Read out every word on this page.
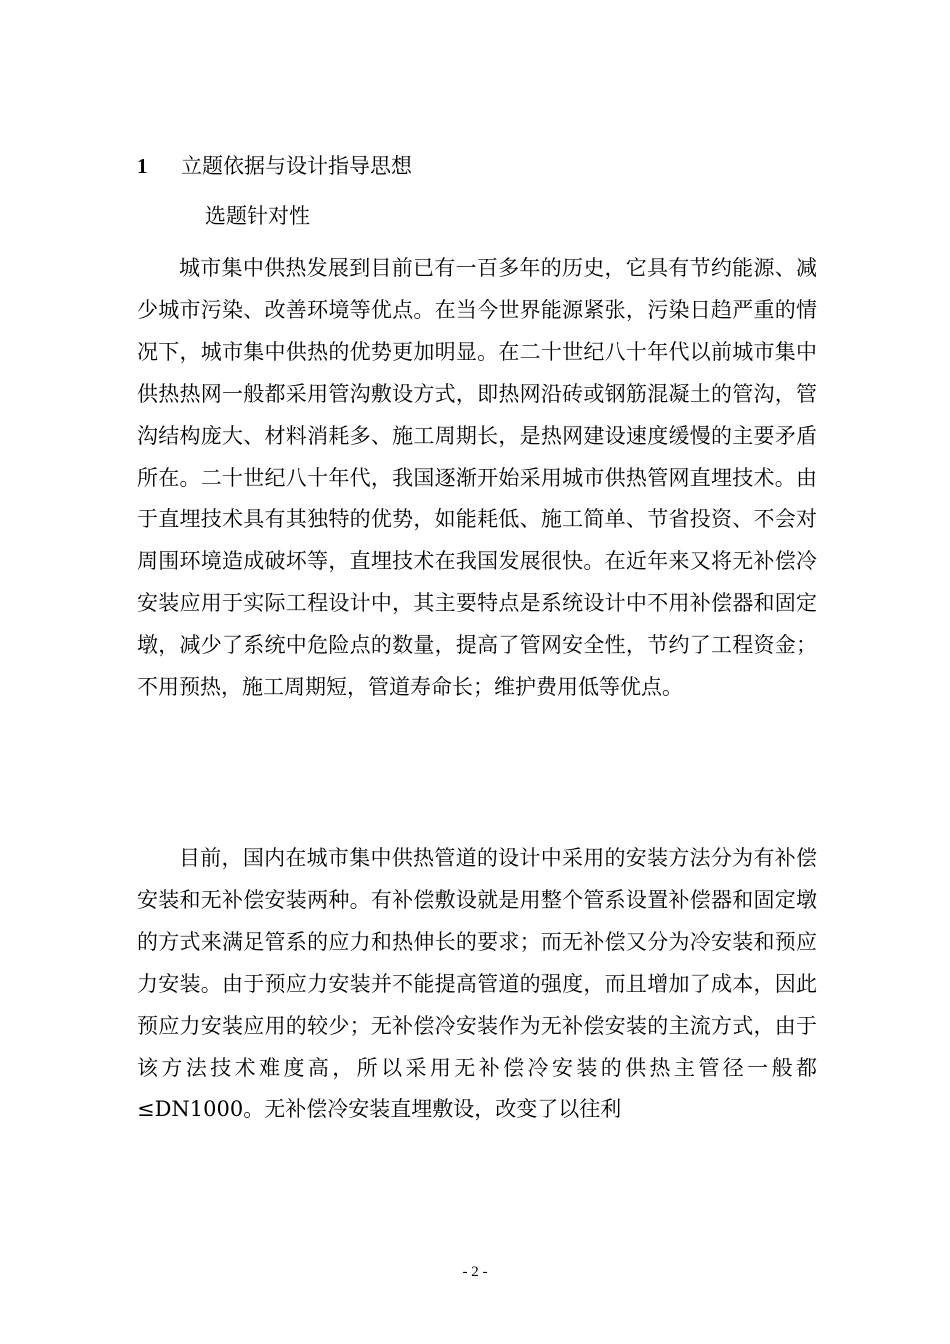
1 立题依据与设计指导思想
选题针对性

城市集中供热发展到目前已有一百多年的历史，它具有节约能源、减少城市污染、改善环境等优点。在当今世界能源紧张，污染日趋严重的情况下，城市集中供热的优势更加明显。在二十世纪八十年代以前城市集中供热热网一般都采用管沟敷设方式，即热网沿砖或钢筋混凝土的管沟，管沟结构庞大、材料消耗多、施工周期长，是热网建设速度缓慢的主要矛盾所在。二十世纪八十年代，我国逐渐开始采用城市供热管网直埋技术。由于直埋技术具有其独特的优势，如能耗低、施工简单、节省投资、不会对周围环境造成破坏等，直埋技术在我国发展很快。在近年来又将无补偿冷安装应用于实际工程设计中，其主要特点是系统设计中不用补偿器和固定墩，减少了系统中危险点的数量，提高了管网安全性，节约了工程资金；不用预热，施工周期短，管道寿命长；维护费用低等优点。

目前，国内在城市集中供热管道的设计中采用的安装方法分为有补偿安装和无补偿安装两种。有补偿敷设就是用整个管系设置补偿器和固定墩的方式来满足管系的应力和热伸长的要求；而无补偿又分为冷安装和预应力安装。由于预应力安装并不能提高管道的强度，而且增加了成本，因此预应力安装应用的较少；无补偿冷安装作为无补偿安装的主流方式，由于该方法技术难度高，所以采用无补偿冷安装的供热主管径一般都≤DN1000。无补偿冷安装直埋敷设，改变了以往利

- 2 -
